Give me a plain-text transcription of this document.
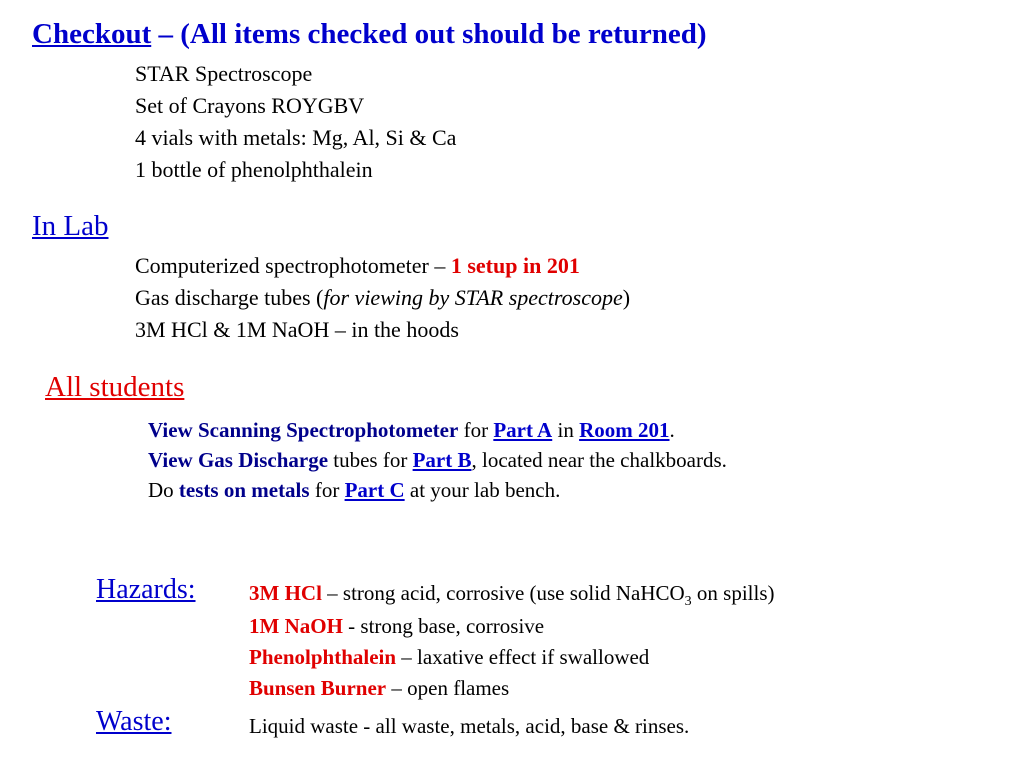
Checkout – (All items checked out should be returned)
STAR Spectroscope
Set of Crayons ROYGBV
4 vials with metals: Mg, Al, Si & Ca
1 bottle of phenolphthalein
In Lab
Computerized spectrophotometer – 1 setup in 201
Gas discharge tubes (for viewing by STAR spectroscope)
3M HCl & 1M NaOH – in the hoods
All students
View Scanning Spectrophotometer for Part A in Room 201.
View Gas Discharge tubes for Part B, located near the chalkboards.
Do tests on metals for Part C at your lab bench.
Hazards:	3M HCl – strong acid, corrosive (use solid NaHCO$_3$ on spills)
1M NaOH - strong base, corrosive
Phenolphthalein – laxative effect if swallowed
Bunsen Burner – open flames
Waste:	Liquid waste - all waste, metals, acid, base & rinses.
